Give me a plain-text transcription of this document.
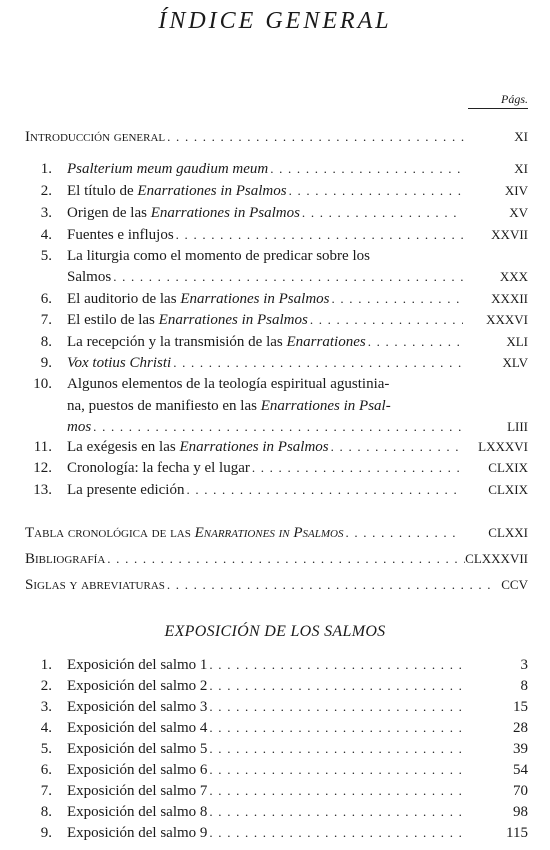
ÍNDICE GENERAL
Págs.
Introducción general . . .	XI
1. Psalterium meum gaudium meum . . .	XI
2. El título de Enarrationes in Psalmos . . .	XIV
3. Origen de las Enarrationes in Psalmos . . .	XV
4. Fuentes e influjos . . .	XXVII
5. La liturgia como el momento de predicar sobre los
Salmos . . .	XXX
6. El auditorio de las Enarrationes in Psalmos . . .	XXXII
7. El estilo de las Enarrationes in Psalmos . . .	XXXVI
8. La recepción y la transmisión de las Enarrationes . . .	XLI
9. Vox totius Christi . . .	XLV
10. Algunos elementos de la teología espiritual agustinia-
na, puestos de manifiesto en las Enarrationes in Psal-
mos . . .	LIII
11. La exégesis en las Enarrationes in Psalmos . . .	LXXXVI
12. Cronología: la fecha y el lugar . . .	CLXIX
13. La presente edición . . .	CLXIX
Tabla cronológica de las Enarrationes in Psalmos . . .	CLXXI
Bibliografía . . .	CLXXXVII
Siglas y abreviaturas . . .	CCV
EXPOSICIÓN DE LOS SALMOS
1. Exposición del salmo 1 . . .	3
2. Exposición del salmo 2 . . .	8
3. Exposición del salmo 3 . . .	15
4. Exposición del salmo 4 . . .	28
5. Exposición del salmo 5 . . .	39
6. Exposición del salmo 6 . . .	54
7. Exposición del salmo 7 . . .	70
8. Exposición del salmo 8 . . .	98
9. Exposición del salmo 9 . . .	115
